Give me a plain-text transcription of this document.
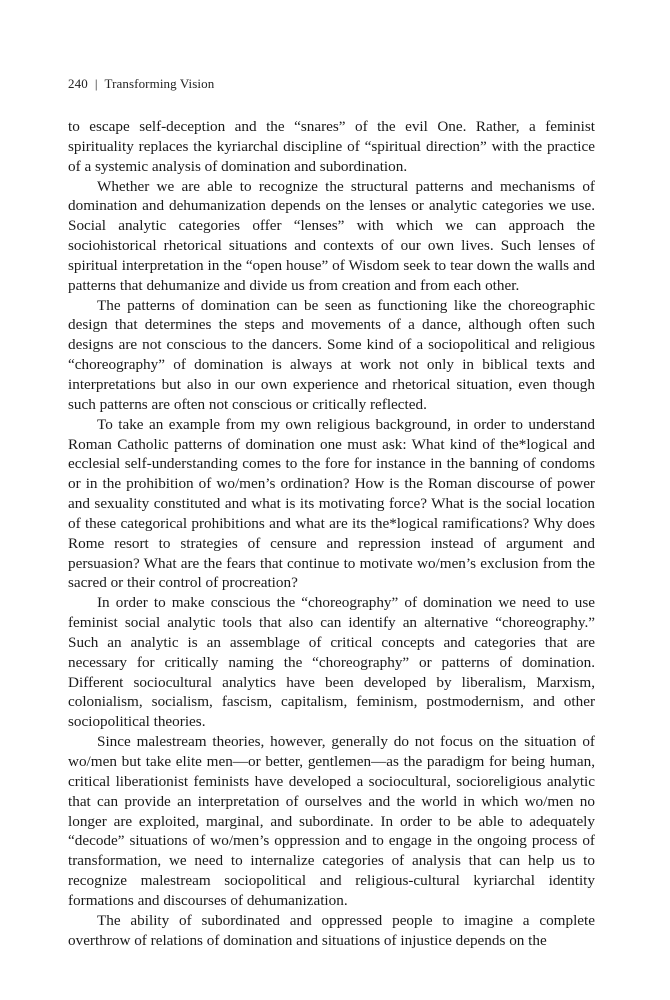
240 | Transforming Vision

to escape self-deception and the “snares” of the evil One. Rather, a feminist spirituality replaces the kyriarchal discipline of “spiritual direction” with the practice of a systemic analysis of domination and subordination.

Whether we are able to recognize the structural patterns and mechanisms of domination and dehumanization depends on the lenses or analytic categories we use. Social analytic categories offer “lenses” with which we can approach the sociohistorical rhetorical situations and contexts of our own lives. Such lenses of spiritual interpretation in the “open house” of Wisdom seek to tear down the walls and patterns that dehumanize and divide us from creation and from each other.

The patterns of domination can be seen as functioning like the choreographic design that determines the steps and movements of a dance, although often such designs are not conscious to the dancers. Some kind of a sociopolitical and religious “choreography” of domination is always at work not only in biblical texts and interpretations but also in our own experience and rhetorical situation, even though such patterns are often not conscious or critically reflected.

To take an example from my own religious background, in order to understand Roman Catholic patterns of domination one must ask: What kind of the*logical and ecclesial self-understanding comes to the fore for instance in the banning of condoms or in the prohibition of wo/men’s ordination? How is the Roman discourse of power and sexuality constituted and what is its motivating force? What is the social location of these categorical prohibitions and what are its the*logical ramifications? Why does Rome resort to strategies of censure and repression instead of argument and persuasion? What are the fears that continue to motivate wo/men’s exclusion from the sacred or their control of procreation?

In order to make conscious the “choreography” of domination we need to use feminist social analytic tools that also can identify an alternative “choreography.” Such an analytic is an assemblage of critical concepts and categories that are necessary for critically naming the “choreography” or patterns of domination. Different sociocultural analytics have been developed by liberalism, Marxism, colonialism, socialism, fascism, capitalism, feminism, postmodernism, and other sociopolitical theories.

Since malestream theories, however, generally do not focus on the situation of wo/men but take elite men—or better, gentlemen—as the paradigm for being human, critical liberationist feminists have developed a sociocultural, socioreligious analytic that can provide an interpretation of ourselves and the world in which wo/men no longer are exploited, marginal, and subordinate. In order to be able to adequately “decode” situations of wo/men’s oppression and to engage in the ongoing process of transformation, we need to internalize categories of analysis that can help us to recognize malestream sociopolitical and religious-cultural kyriarchal identity formations and discourses of dehumanization.

The ability of subordinated and oppressed people to imagine a complete overthrow of relations of domination and situations of injustice depends on the
